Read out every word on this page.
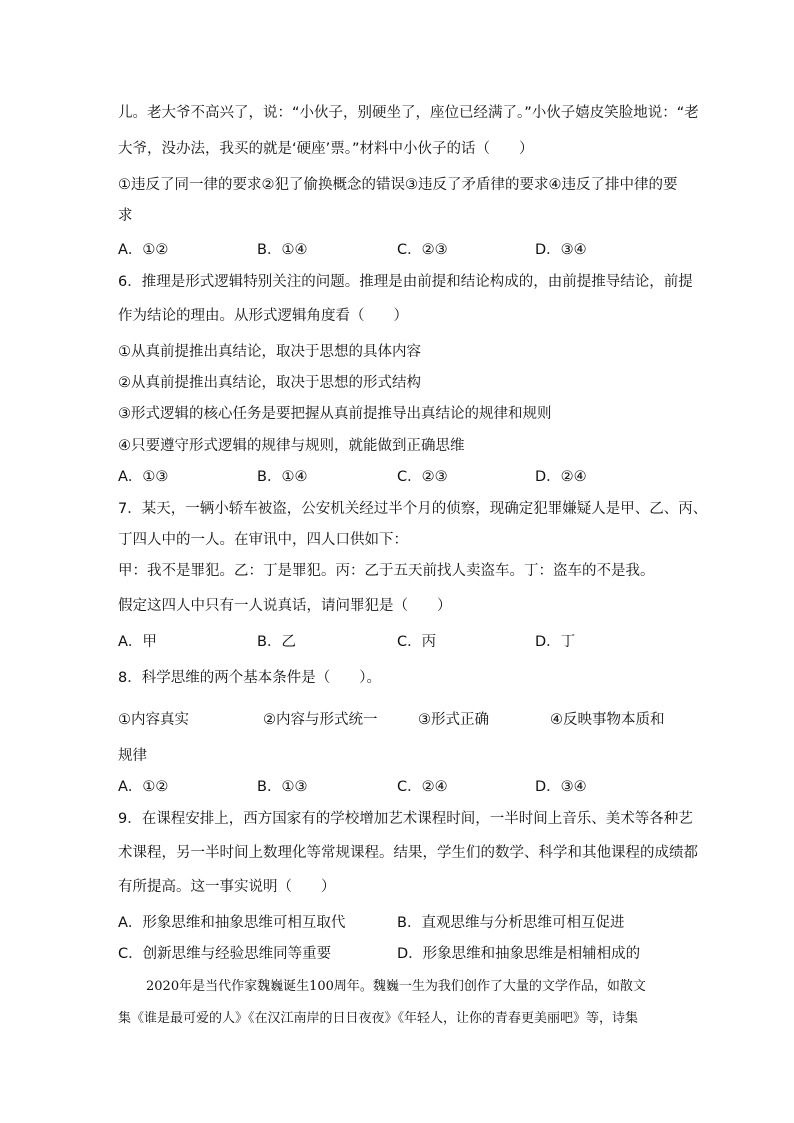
儿。老大爷不高兴了，说：“小伙子，别硬坐了，座位已经满了。”小伙子嬉皮笑脸地说：“老
大爷，没办法，我买的就是‘硬座’票。”材料中小伙子的话（　　）
①违反了同一律的要求②犯了偷换概念的错误③违反了矛盾律的要求④违反了排中律的要
求
A．①②	B．①④	C．②③	D．③④
6．推理是形式逻辑特别关注的问题。推理是由前提和结论构成的，由前提推导结论，前提
作为结论的理由。从形式逻辑角度看（　　）
①从真前提推出真结论，取决于思想的具体内容
②从真前提推出真结论，取决于思想的形式结构
③形式逻辑的核心任务是要把握从真前提推导出真结论的规律和规则
④只要遵守形式逻辑的规律与规则，就能做到正确思维
A．①③	B．①④	C．②③	D．②④
7．某天，一辆小轿车被盗，公安机关经过半个月的侦察，现确定犯罪嫌疑人是甲、乙、丙、
丁四人中的一人。在审讯中，四人口供如下：
甲：我不是罪犯。乙：丁是罪犯。丙：乙于五天前找人卖盗车。丁：盗车的不是我。
假定这四人中只有一人说真话，请问罪犯是（　　）
A．甲	B．乙	C．丙	D．丁
8．科学思维的两个基本条件是（　　）。
①内容真实	②内容与形式统一	③形式正确	④反映事物本质和
规律
A．①②	B．①③	C．②④	D．③④
9．在课程安排上，西方国家有的学校增加艺术课程时间，一半时间上音乐、美术等各种艺
术课程，另一半时间上数理化等常规课程。结果，学生们的数学、科学和其他课程的成绩都
有所提高。这一事实说明（　　）
A．形象思维和抽象思维可相互取代	B．直观思维与分析思维可相互促进
C．创新思维与经验思维同等重要	D．形象思维和抽象思维是相辅相成的
2020年是当代作家魏巍诞生100周年。魏巍一生为我们创作了大量的文学作品，如散文
集《谁是最可爱的人》《在汉江南岸的日日夜夜》《年轻人，让你的青春更美丽吧》等，诗集
